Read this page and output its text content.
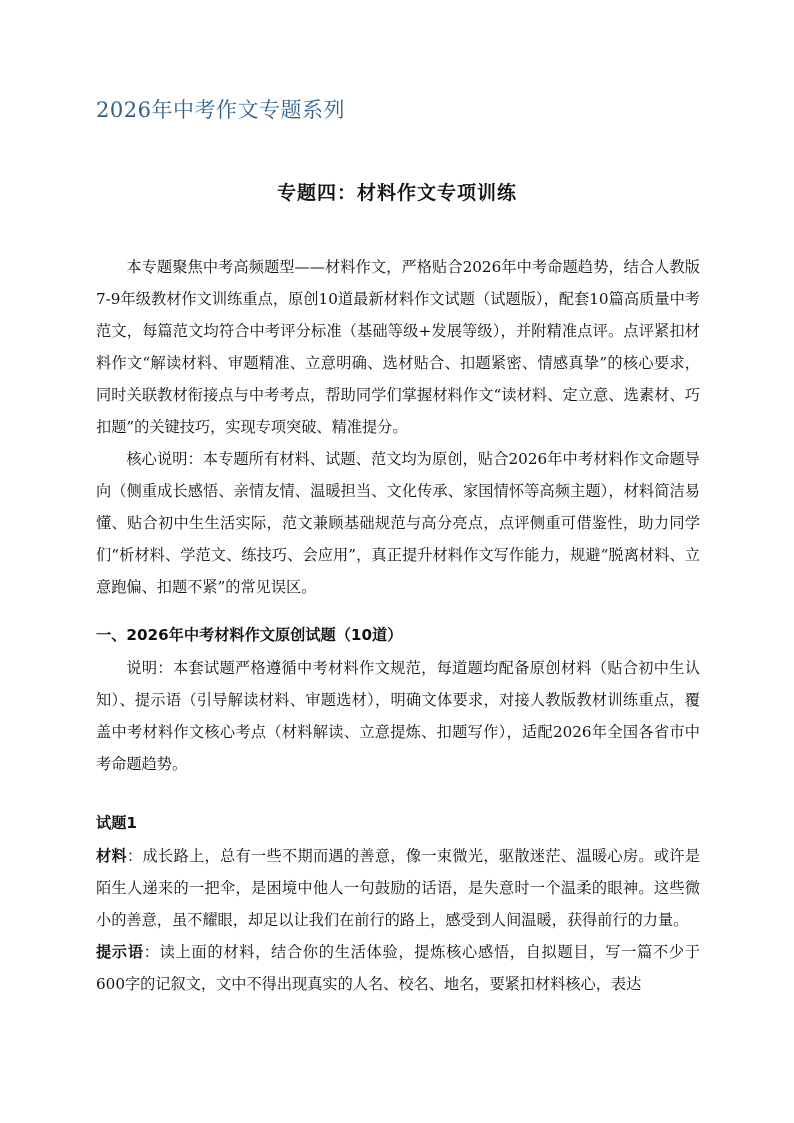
2026年中考作文专题系列
专题四：材料作文专项训练

本专题聚焦中考高频题型——材料作文，严格贴合2026年中考命题趋势，结合人教版7-9年级教材作文训练重点，原创10道最新材料作文试题（试题版），配套10篇高质量中考范文，每篇范文均符合中考评分标准（基础等级+发展等级），并附精准点评。点评紧扣材料作文“解读材料、审题精准、立意明确、选材贴合、扣题紧密、情感真挚”的核心要求，同时关联教材衔接点与中考考点，帮助同学们掌握材料作文“读材料、定立意、选素材、巧扣题”的关键技巧，实现专项突破、精准提分。

核心说明：本专题所有材料、试题、范文均为原创，贴合2026年中考材料作文命题导向（侧重成长感悟、亲情友情、温暖担当、文化传承、家国情怀等高频主题），材料简洁易懂、贴合初中生生活实际，范文兼顾基础规范与高分亮点，点评侧重可借鉴性，助力同学们“析材料、学范文、练技巧、会应用”，真正提升材料作文写作能力，规避“脱离材料、立意跑偏、扣题不紧”的常见误区。

一、2026年中考材料作文原创试题（10道）

说明：本套试题严格遵循中考材料作文规范，每道题均配备原创材料（贴合初中生认知）、提示语（引导解读材料、审题选材），明确文体要求，对接人教版教材训练重点，覆盖中考材料作文核心考点（材料解读、立意提炼、扣题写作），适配2026年全国各省市中考命题趋势。

试题1

材料：成长路上，总有一些不期而遇的善意，像一束微光，驱散迷茫、温暖心房。或许是陌生人递来的一把伞，是困境中他人一句鼓励的话语，是失意时一个温柔的眼神。这些微小的善意，虽不耀眼，却足以让我们在前行的路上，感受到人间温暖，获得前行的力量。

提示语：读上面的材料，结合你的生活体验，提炼核心感悟，自拟题目，写一篇不少于600字的记叙文，文中不得出现真实的人名、校名、地名，要紧扣材料核心，表达
